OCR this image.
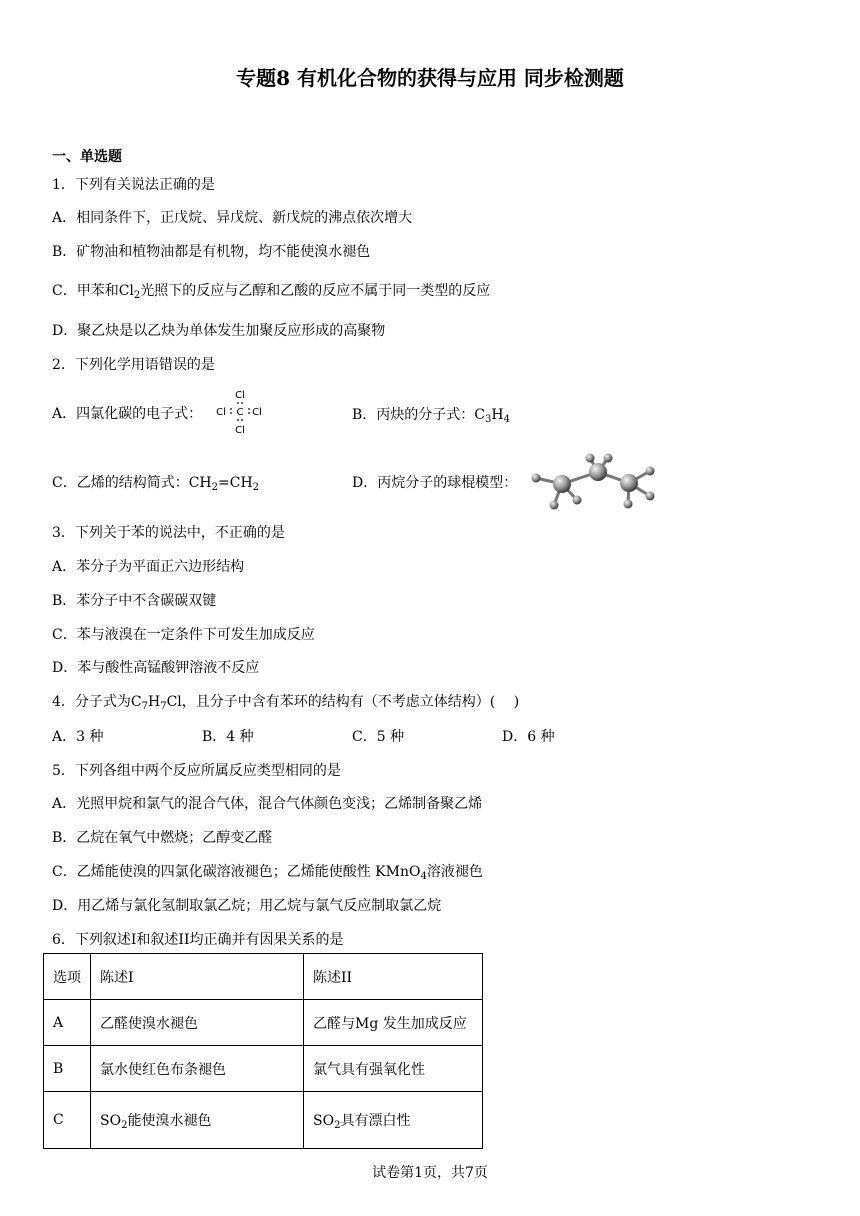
专题8 有机化合物的获得与应用 同步检测题
一、单选题
1．下列有关说法正确的是
A．相同条件下，正戊烷、异戊烷、新戊烷的沸点依次增大
B．矿物油和植物油都是有机物，均不能使溴水褪色
C．甲苯和$Cl_2$光照下的反应与乙醇和乙酸的反应不属于同一类型的反应
D．聚乙炔是以乙炔为单体发生加聚反应形成的高聚物
2．下列化学用语错误的是
A．四氯化碳的电子式：
Cl
C
Cl	Cl
Cl
B．丙炔的分子式：$C_3H_4$
C．乙烯的结构简式：$CH_2=CH_2$	D．丙烷分子的球棍模型：
3．下列关于苯的说法中，不正确的是
A．苯分子为平面正六边形结构
B．苯分子中不含碳碳双键
C．苯与液溴在一定条件下可发生加成反应
D．苯与酸性高锰酸钾溶液不反应
4．分子式为$C_7H_7Cl$，且分子中含有苯环的结构有（不考虑立体结构）(　 )
A．3 种	B．4 种	C．5 种	D．6 种
5．下列各组中两个反应所属反应类型相同的是
A．光照甲烷和氯气的混合气体，混合气体颜色变浅；乙烯制备聚乙烯
B．乙烷在氧气中燃烧；乙醇变乙醛
C．乙烯能使溴的四氯化碳溶液褪色；乙烯能使酸性 KMnO$_4$溶液褪色
D．用乙烯与氯化氢制取氯乙烷；用乙烷与氯气反应制取氯乙烷
6．下列叙述I和叙述II均正确并有因果关系的是
选项	陈述I	陈述II
A	乙醛使溴水褪色	乙醛与Mg 发生加成反应
B	氯水使红色布条褪色	氯气具有强氧化性
C	$SO_2$能使溴水褪色	$SO_2$具有漂白性
试卷第1页，共7页
